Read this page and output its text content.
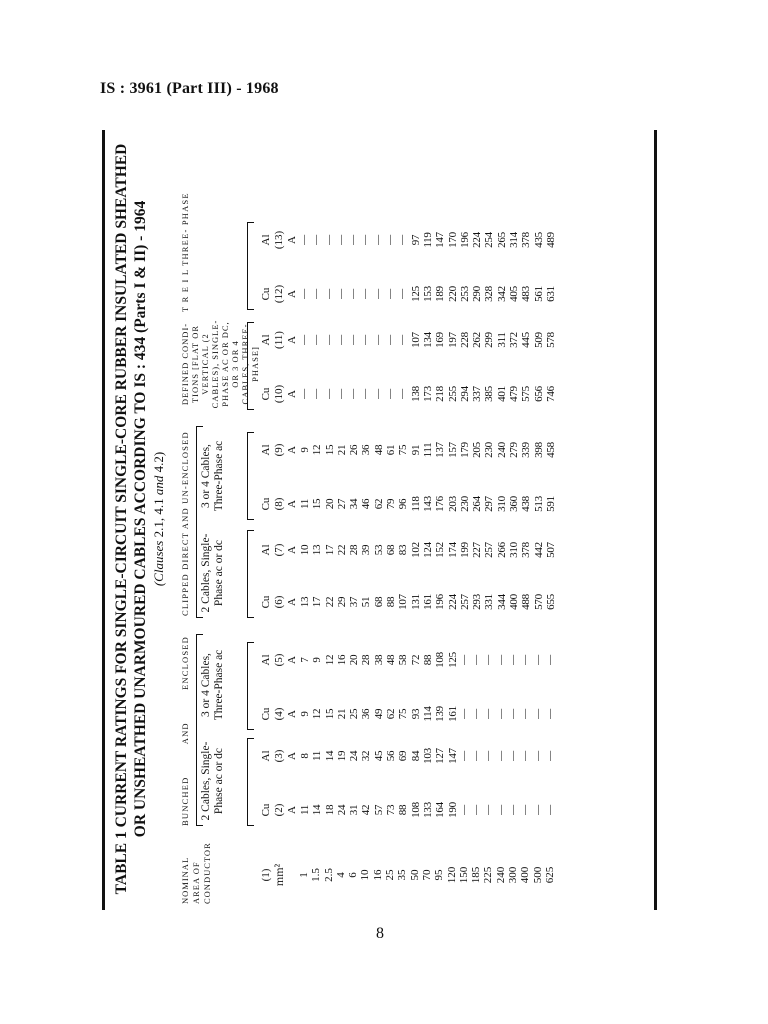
IS : 3961 (Part III) - 1968
TABLE 1 CURRENT RATINGS FOR SINGLE-CIRCUIT SINGLE-CORE RUBBER INSULATED SHEATHED OR UNSHEATHED UNARMOURED CABLES ACCORDING TO IS : 434 (Parts I & II) - 1964 (Clauses 2.1, 4.1 and 4.2)
NOMINAL AREA OF CONDUCTOR
BUNCHED
AND
ENCLOSED
CLIPPED DIRECT AND UN-ENCLOSED
DEFINED CONDI- TIONS [FLAT OR VERTICAL (2 CABLES), SINGLE- PHASE AC OR DC, OR 3 OR 4 CABLES, THREE-PHASE]
T R E I L THREE- PHASE
2 Cables, Single- Phase ac or dc
3 or 4 Cables, Three-Phase ac
2 Cables, Single- Phase ac or dc
3 or 4 Cables, Three-Phase ac
(1) mm² 1 1.5 2.5 4 6 10 16 25 35 50 70 95 120 150 185 225 240 300 400 500 625
Cu (2) A 11 14 18 24 31 42 57 73 88 108 133 164 190 — — — — — — — —
Al (3) A 8 11 14 19 24 32 45 56 69 84 103 127 147 — — — — — — — —
Cu (4) A 9 12 15 21 25 36 49 62 75 93 114 139 161 — — — — — — — —
Al (5) A 7 9 12 16 20 28 38 48 58 72 88 108 125 — — — — — — — —
Cu (6) A 13 17 22 29 37 51 68 88 107 131 161 196 224 257 293 331 344 400 488 570 655
Al (7) A 10 13 17 22 28 39 53 68 83 102 124 152 174 199 227 257 266 310 378 442 507
Cu (8) A 11 15 20 27 34 46 62 79 96 118 143 176 203 230 264 297 310 360 438 513 591
Al (9) A 9 12 15 21 26 36 48 61 75 91 111 137 157 179 205 230 240 279 339 398 458
Cu (10) A — — — — — — — — — 138 173 218 255 294 337 385 401 479 575 656 746
Al (11) A — — — — — — — — — 107 134 169 197 228 262 299 311 372 445 509 578
Cu (12) A — — — — — — — — — 125 153 189 220 253 290 328 342 405 483 561 631
Al (13) A — — — — — — — — — 97 119 147 170 196 224 254 265 314 378 435 489
8
